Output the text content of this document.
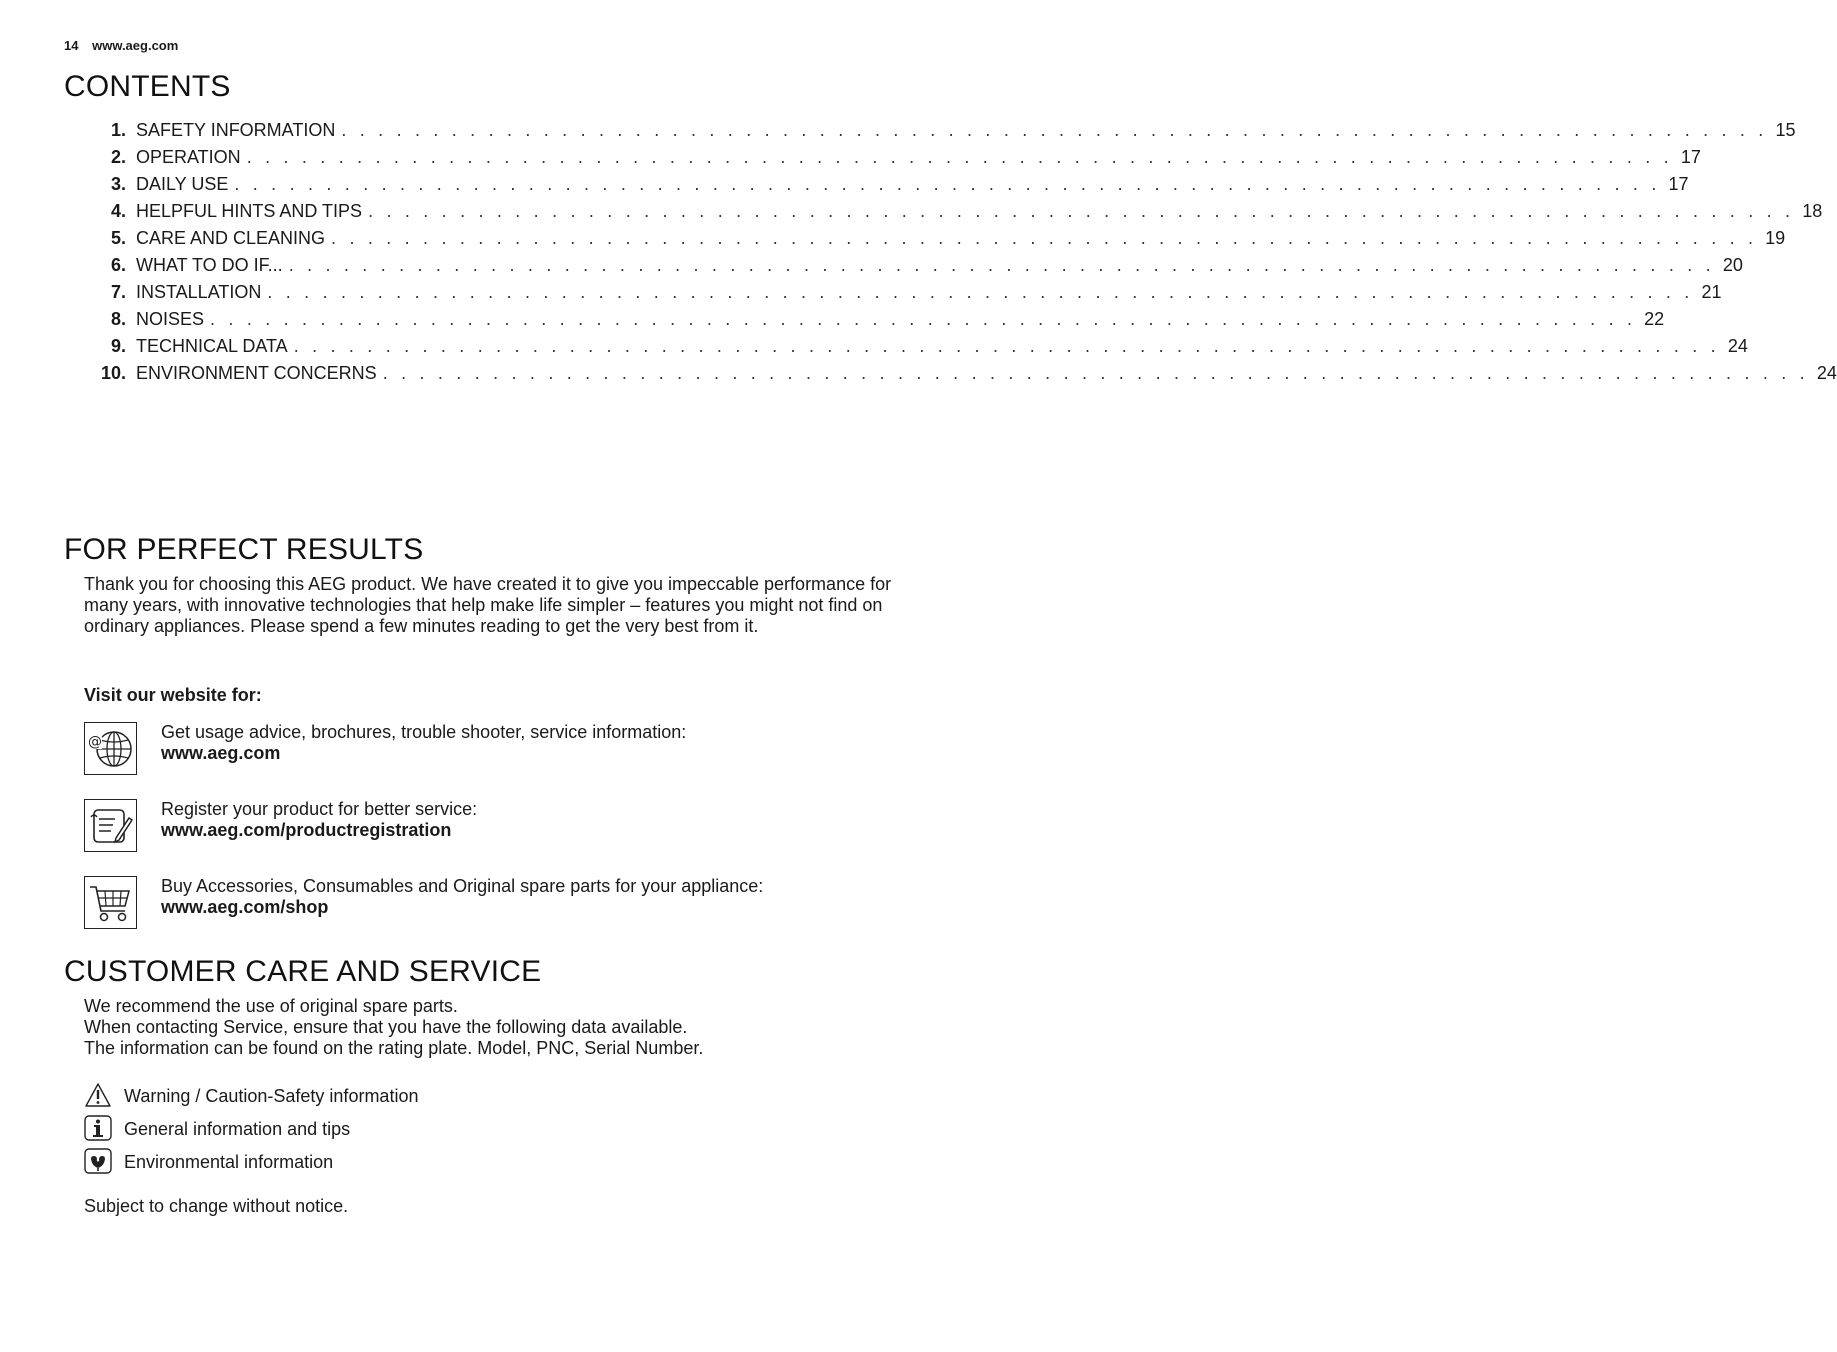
14 www.aeg.com
CONTENTS
1. SAFETY INFORMATION . . . . . . . . . . . . . . . . . . . . . . . . . . . . . . . . . . . . . . . . . . . . . . . . . . . . . . . . . . . . . . . . . . . . . . . . . . . . . . 15
2. OPERATION . . . . . . . . . . . . . . . . . . . . . . . . . . . . . . . . . . . . . . . . . . . . . . . . . . . . . . . . . . . . . . . . . . . . . . . . . . . . . . 17
3. DAILY USE . . . . . . . . . . . . . . . . . . . . . . . . . . . . . . . . . . . . . . . . . . . . . . . . . . . . . . . . . . . . . . . . . . . . . . . . . . . . . . 17
4. HELPFUL HINTS AND TIPS . . . . . . . . . . . . . . . . . . . . . . . . . . . . . . . . . . . . . . . . . . . . . . . . . . . . . . . . . . . . . . . . . . . . . . . . . . . . . . 18
5. CARE AND CLEANING . . . . . . . . . . . . . . . . . . . . . . . . . . . . . . . . . . . . . . . . . . . . . . . . . . . . . . . . . . . . . . . . . . . . . . . . . . . . . . 19
6. WHAT TO DO IF... . . . . . . . . . . . . . . . . . . . . . . . . . . . . . . . . . . . . . . . . . . . . . . . . . . . . . . . . . . . . . . . . . . . . . . . . . . . . . . 20
7. INSTALLATION . . . . . . . . . . . . . . . . . . . . . . . . . . . . . . . . . . . . . . . . . . . . . . . . . . . . . . . . . . . . . . . . . . . . . . . . . . . . . . 21
8. NOISES . . . . . . . . . . . . . . . . . . . . . . . . . . . . . . . . . . . . . . . . . . . . . . . . . . . . . . . . . . . . . . . . . . . . . . . . . . . . . . 22
9. TECHNICAL DATA . . . . . . . . . . . . . . . . . . . . . . . . . . . . . . . . . . . . . . . . . . . . . . . . . . . . . . . . . . . . . . . . . . . . . . . . . . . . . . 24
10. ENVIRONMENT CONCERNS . . . . . . . . . . . . . . . . . . . . . . . . . . . . . . . . . . . . . . . . . . . . . . . . . . . . . . . . . . . . . . . . . . . . . . . . . . . . . . 24
FOR PERFECT RESULTS
Thank you for choosing this AEG product. We have created it to give you impeccable performance for many years, with innovative technologies that help make life simpler – features you might not find on ordinary appliances. Please spend a few minutes reading to get the very best from it.
Visit our website for:
@	Get usage advice, brochures, trouble shooter, service information:
www.aeg.com
Register your product for better service:
www.aeg.com/productregistration
Buy Accessories, Consumables and Original spare parts for your appliance:
www.aeg.com/shop
CUSTOMER CARE AND SERVICE
We recommend the use of original spare parts.
When contacting Service, ensure that you have the following data available.
The information can be found on the rating plate. Model, PNC, Serial Number.
Warning / Caution-Safety information
General information and tips
Environmental information
Subject to change without notice.
